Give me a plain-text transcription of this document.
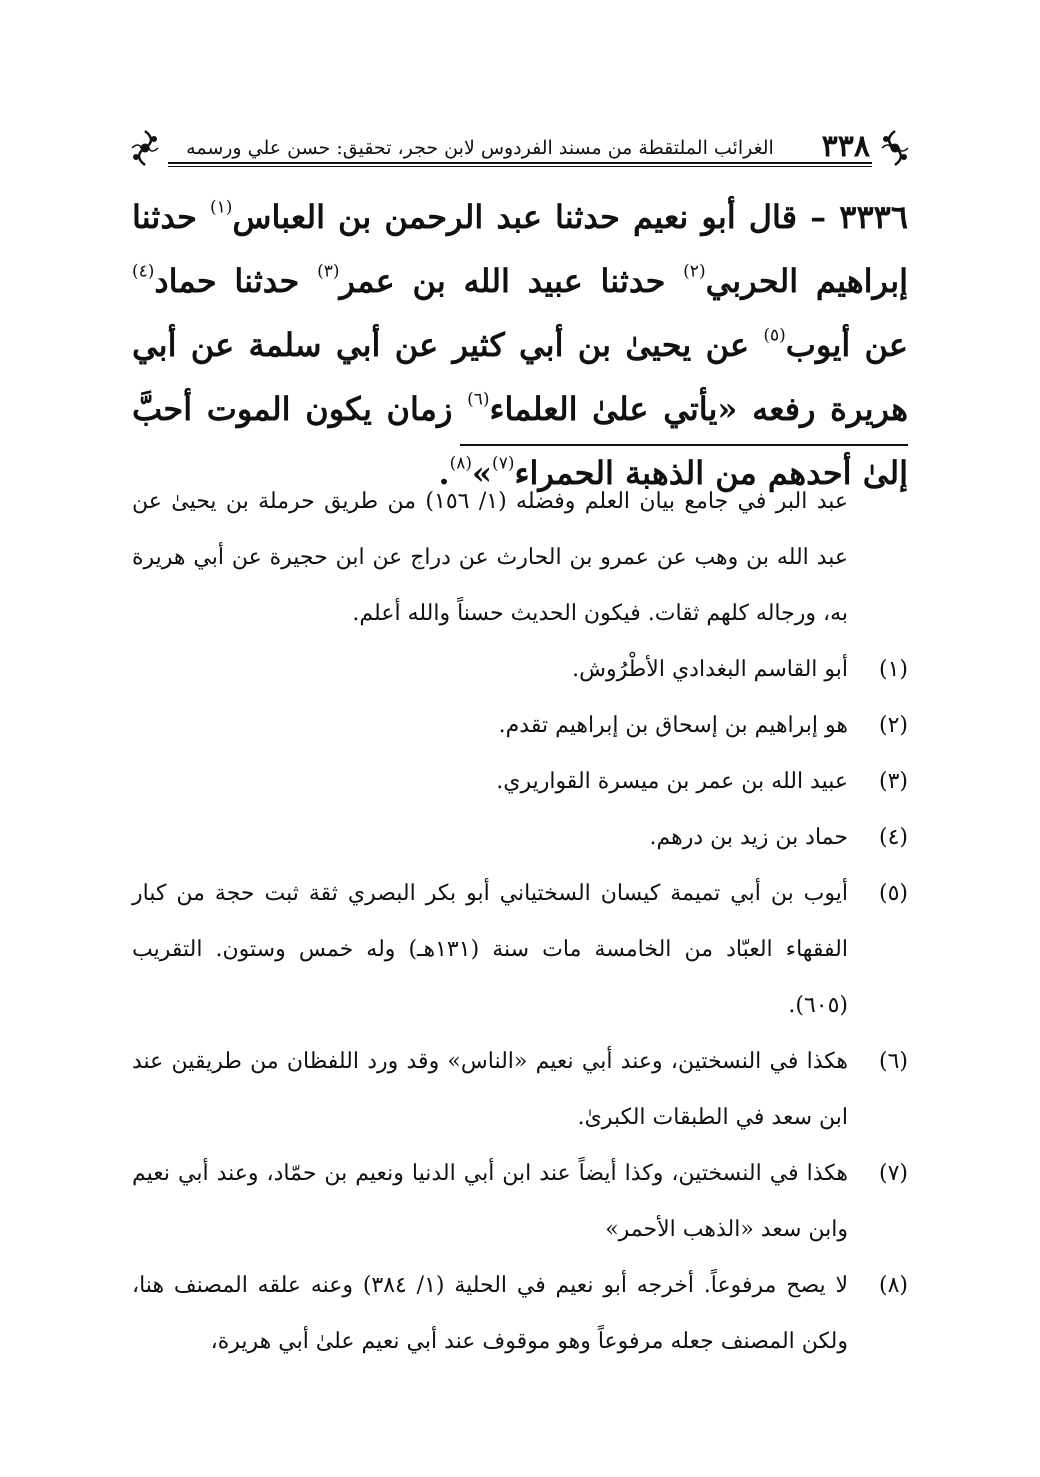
٣٣٨
الغرائب الملتقطة من مسند الفردوس لابن حجر، تحقيق: حسن علي ورسمه
٣٣٣٦ – قال أبو نعيم حدثنا عبد الرحمن بن العباس$^{(١)}$ حدثنا إبراهيم الحربي$^{(٢)}$ حدثنا عبيد الله بن عمر$^{(٣)}$ حدثنا حماد$^{(٤)}$ عن أيوب$^{(٥)}$ عن يحيىٰ بن أبي كثير عن أبي سلمة عن أبي هريرة رفعه «يأتي علىٰ العلماء$^{(٦)}$ زمان يكون الموت أحبَّ إلىٰ أحدهم من الذهبة الحمراء$^{(٧)}$»$^{(٨)}$.
عبد البر في جامع بيان العلم وفضله (١/ ١٥٦) من طريق حرملة بن يحيىٰ عن عبد الله بن وهب عن عمرو بن الحارث عن دراج عن ابن حجيرة عن أبي هريرة به، ورجاله كلهم ثقات. فيكون الحديث حسناً والله أعلم.
(١)
أبو القاسم البغدادي الأطْرُوش.
(٢)
هو إبراهيم بن إسحاق بن إبراهيم تقدم.
(٣)
عبيد الله بن عمر بن ميسرة القواريري.
(٤)
حماد بن زيد بن درهم.
(٥)
أيوب بن أبي تميمة كيسان السختياني أبو بكر البصري ثقة ثبت حجة من كبار الفقهاء العبّاد من الخامسة مات سنة (١٣١هـ) وله خمس وستون. التقريب (٦٠٥).
(٦)
هكذا في النسختين، وعند أبي نعيم «الناس» وقد ورد اللفظان من طريقين عند ابن سعد في الطبقات الكبرىٰ.
(٧)
هكذا في النسختين، وكذا أيضاً عند ابن أبي الدنيا ونعيم بن حمّاد، وعند أبي نعيم وابن سعد «الذهب الأحمر»
(٨)
لا يصح مرفوعاً. أخرجه أبو نعيم في الحلية (١/ ٣٨٤) وعنه علقه المصنف هنا، ولكن المصنف جعله مرفوعاً وهو موقوف عند أبي نعيم علىٰ أبي هريرة،
